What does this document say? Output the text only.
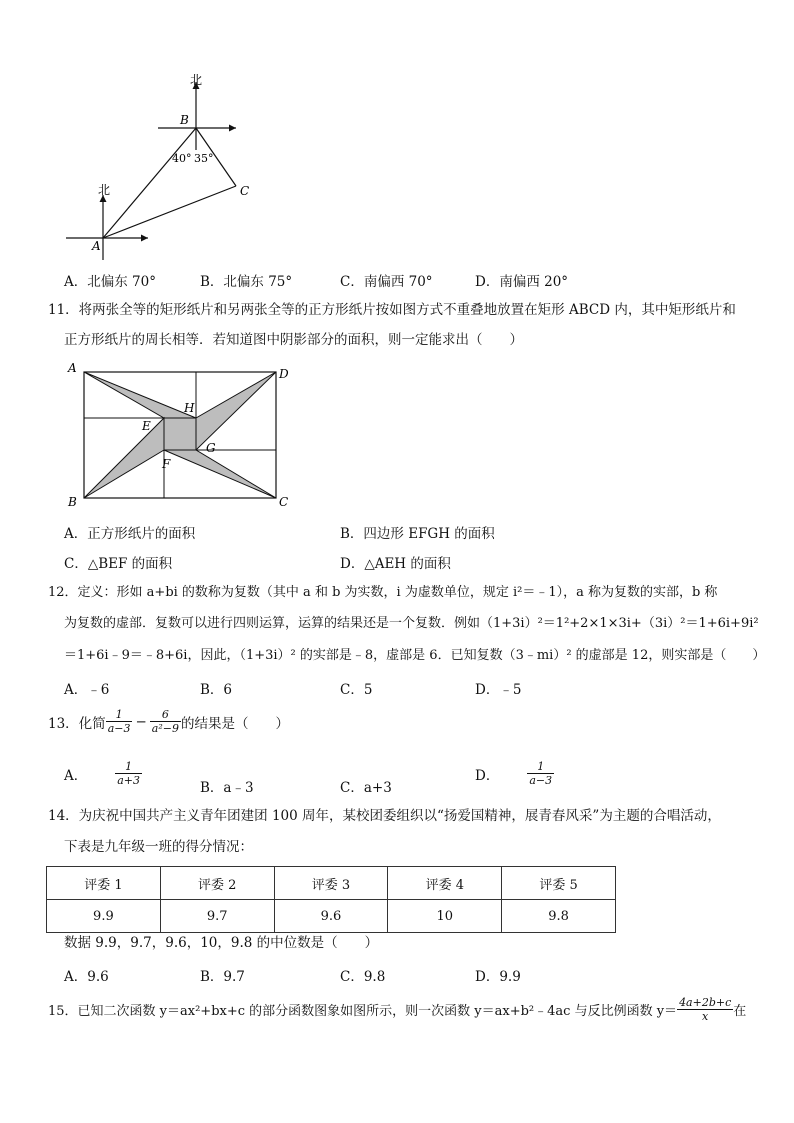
北
北
B
A
C
40° 35°
A．北偏东 70°	B．北偏东 75°	C．南偏西 70°	D．南偏西 20°
11．将两张全等的矩形纸片和另两张全等的正方形纸片按如图方式不重叠地放置在矩形 ABCD 内，其中矩形纸片和
正方形纸片的周长相等．若知道图中阴影部分的面积，则一定能求出（　　）
A
B	C
D
E
F
G
H
A．正方形纸片的面积	B．四边形 EFGH 的面积
C．△BEF 的面积	D．△AEH 的面积
12．定义：形如 a+bi 的数称为复数（其中 a 和 b 为实数，i 为虚数单位，规定 i²＝﹣1），a 称为复数的实部，b 称
为复数的虚部．复数可以进行四则运算，运算的结果还是一个复数．例如（1+3i）²＝1²+2×1×3i+（3i）²＝1+6i+9i²
＝1+6i﹣9＝﹣8+6i，因此，（1+3i）² 的实部是﹣8，虚部是 6．已知复数（3﹣mi）² 的虚部是 12，则实部是（　　）
A．﹣6	B．6	C．5	D．﹣5
13．化简 $\frac{1}{a-3} - \frac{6}{\text{a²−9}}$ 的结果是（　　）
A．	$\frac{1}{a+3}$
B．a﹣3	C．a+3
D．	$\frac{1}{a-3}$
14．为庆祝中国共产主义青年团建团 100 周年，某校团委组织以“扬爱国精神，展青春风采”为主题的合唱活动，
下表是九年级一班的得分情况：
评委 1	评委 2	评委 3	评委 4	评委 5
9.9	9.7	9.6	10	9.8
数据 9.9，9.7，9.6，10，9.8 的中位数是（　　）
A．9.6	B．9.7	C．9.8	D．9.9
15．已知二次函数 y＝ax²+bx+c 的部分函数图象如图所示，则一次函数 y＝ax+b²﹣4ac 与反比例函数 $y= \frac{4a+2b+c}{x}$ 在
